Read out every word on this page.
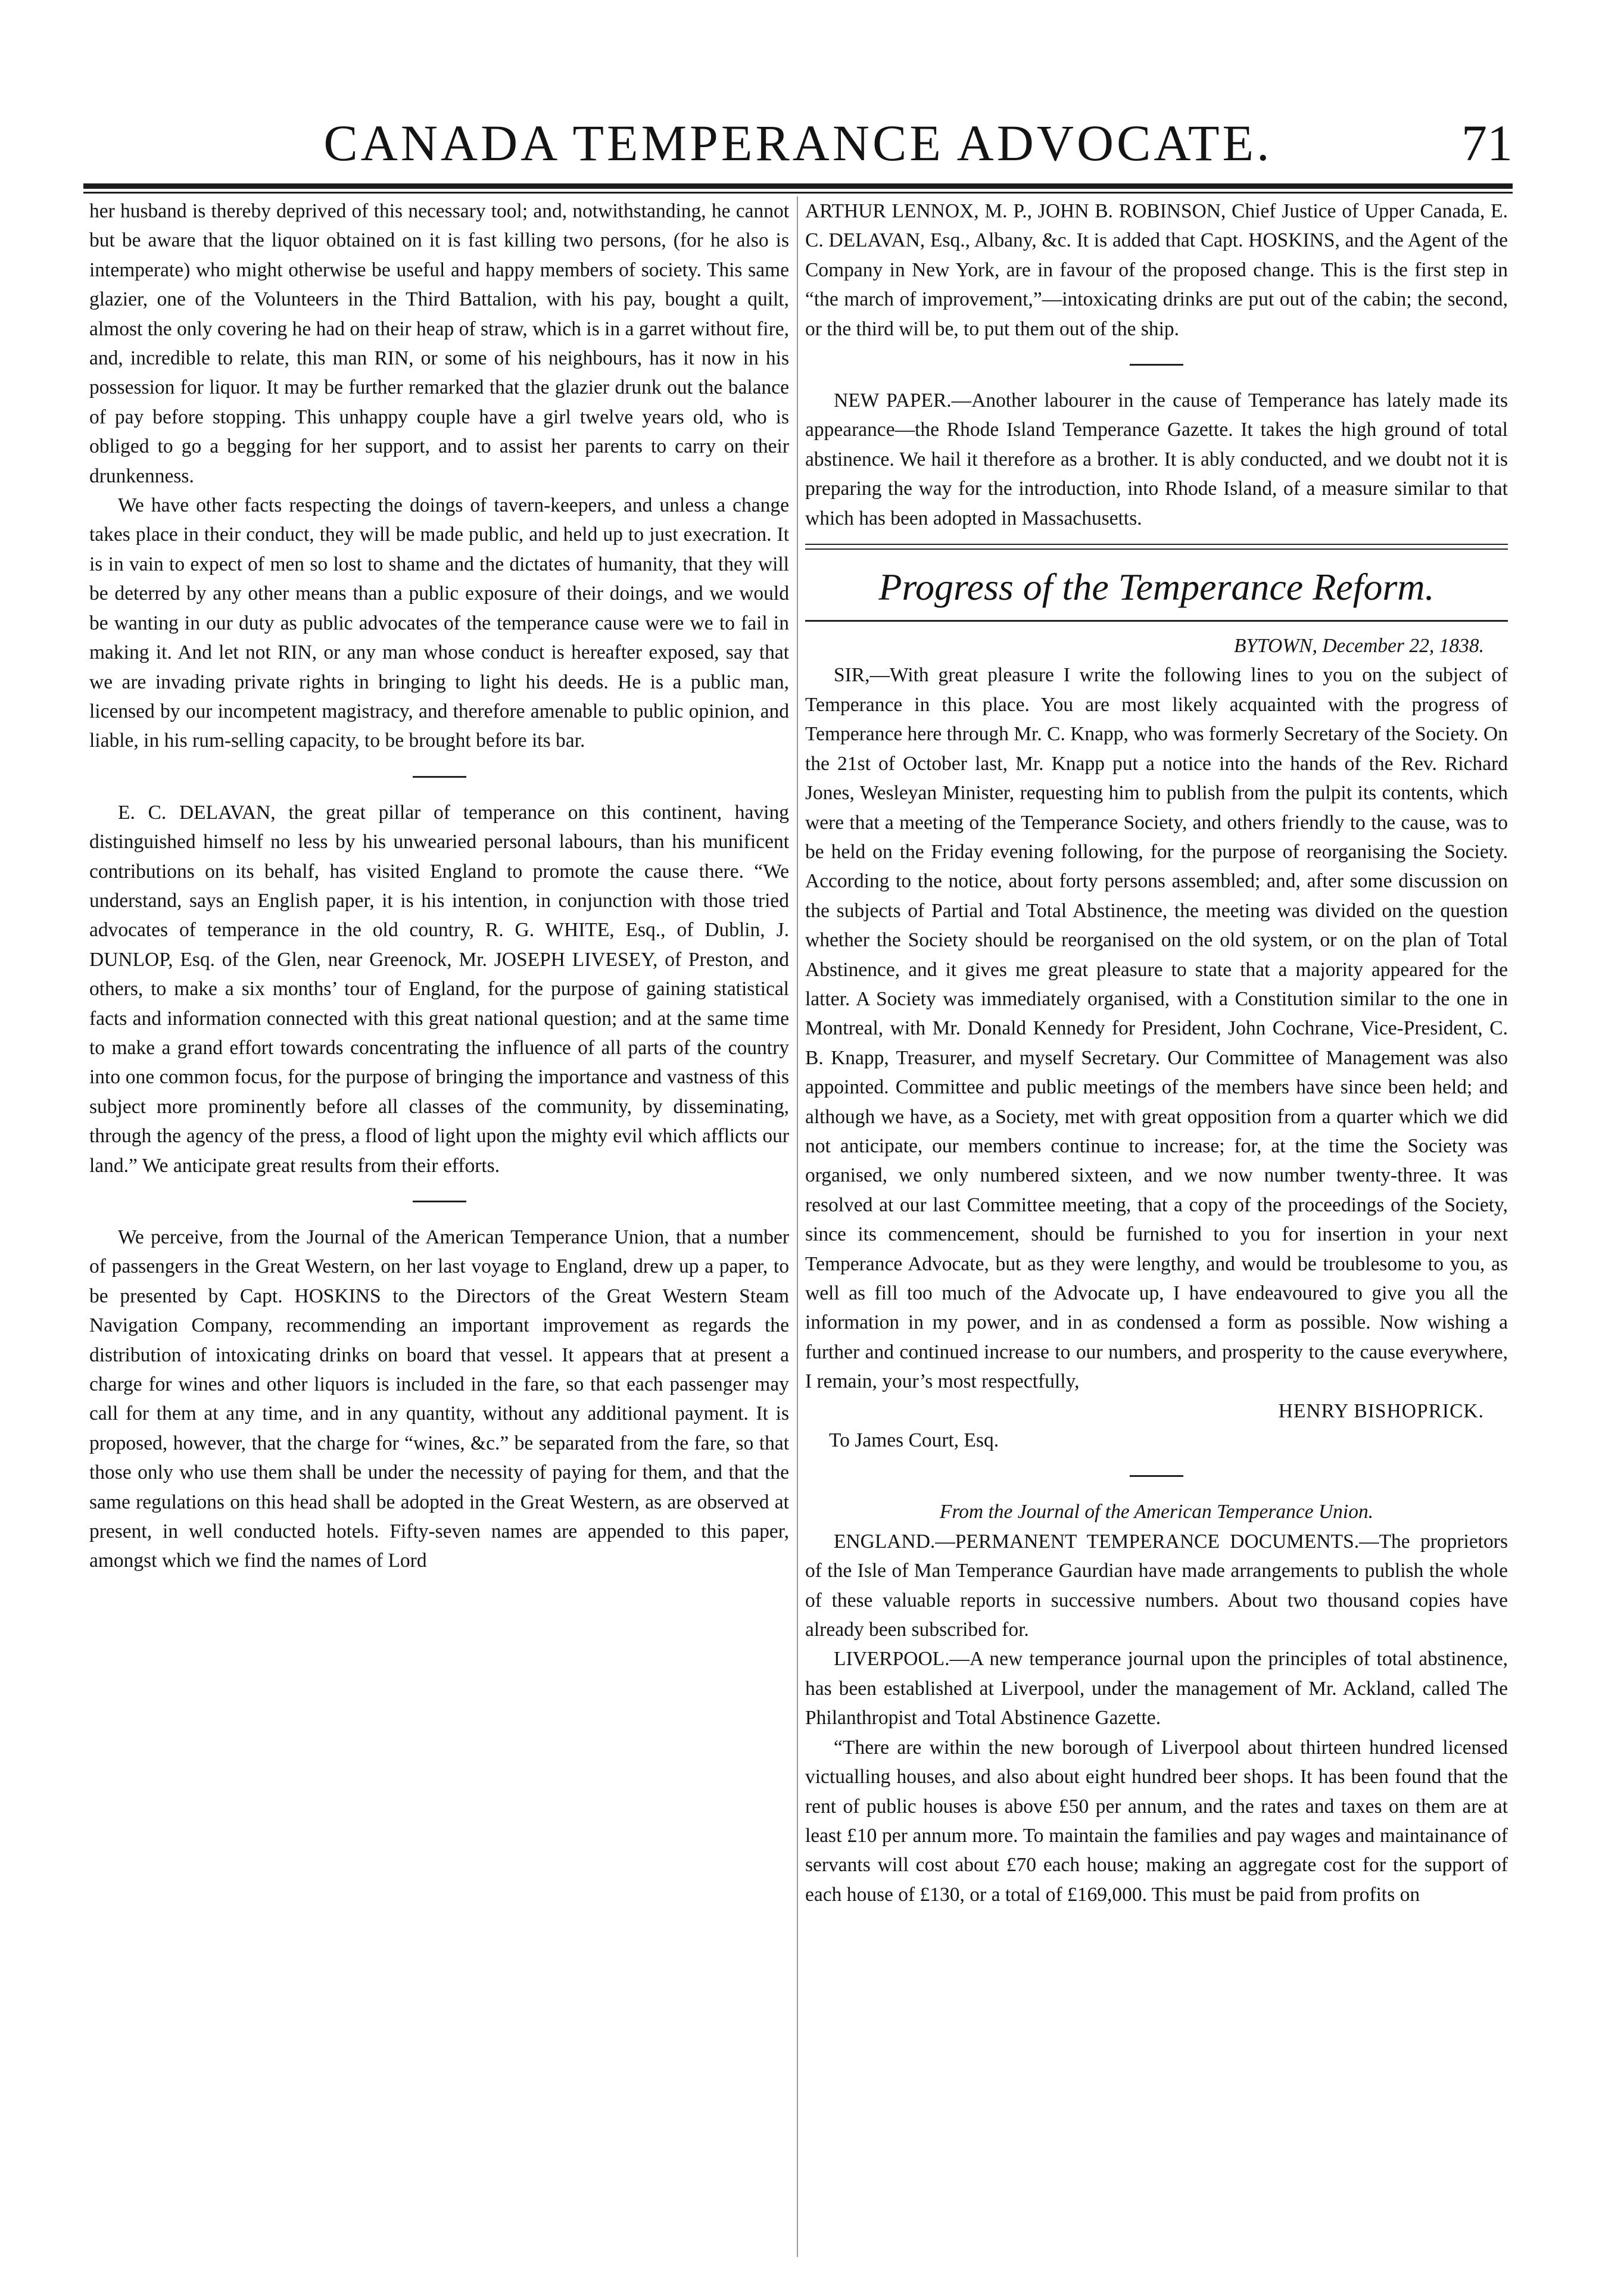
CANADA TEMPERANCE ADVOCATE.	71

her husband is thereby deprived of this necessary tool; and, notwithstanding, he cannot but be aware that the liquor obtained on it is fast killing two persons, (for he also is intemperate) who might otherwise be useful and happy members of society. This same glazier, one of the Volunteers in the Third Battalion, with his pay, bought a quilt, almost the only covering he had on their heap of straw, which is in a garret without fire, and, incredible to relate, this man RIN, or some of his neighbours, has it now in his possession for liquor. It may be further remarked that the glazier drunk out the balance of pay before stopping. This unhappy couple have a girl twelve years old, who is obliged to go a begging for her support, and to assist her parents to carry on their drunkenness.

We have other facts respecting the doings of tavern-keepers, and unless a change takes place in their conduct, they will be made public, and held up to just execration. It is in vain to expect of men so lost to shame and the dictates of humanity, that they will be deterred by any other means than a public exposure of their doings, and we would be wanting in our duty as public advocates of the temperance cause were we to fail in making it. And let not RIN, or any man whose conduct is hereafter exposed, say that we are invading private rights in bringing to light his deeds. He is a public man, licensed by our incompetent magistracy, and therefore amenable to public opinion, and liable, in his rum-selling capacity, to be brought before its bar.

E. C. DELAVAN, the great pillar of temperance on this continent, having distinguished himself no less by his unwearied personal labours, than his munificent contributions on its behalf, has visited England to promote the cause there. “We understand, says an English paper, it is his intention, in conjunction with those tried advocates of temperance in the old country, R. G. WHITE, Esq., of Dublin, J. DUNLOP, Esq. of the Glen, near Greenock, Mr. JOSEPH LIVESEY, of Preston, and others, to make a six months’ tour of England, for the purpose of gaining statistical facts and information connected with this great national question; and at the same time to make a grand effort towards concentrating the influence of all parts of the country into one common focus, for the purpose of bringing the importance and vastness of this subject more prominently before all classes of the community, by disseminating, through the agency of the press, a flood of light upon the mighty evil which afflicts our land.” We anticipate great results from their efforts.

We perceive, from the Journal of the American Temperance Union, that a number of passengers in the Great Western, on her last voyage to England, drew up a paper, to be presented by Capt. HOSKINS to the Directors of the Great Western Steam Navigation Company, recommending an important improvement as regards the distribution of intoxicating drinks on board that vessel. It appears that at present a charge for wines and other liquors is included in the fare, so that each passenger may call for them at any time, and in any quantity, without any additional payment. It is proposed, however, that the charge for “wines, &c.” be separated from the fare, so that those only who use them shall be under the necessity of paying for them, and that the same regulations on this head shall be adopted in the Great Western, as are observed at present, in well conducted hotels. Fifty-seven names are appended to this paper, amongst which we find the names of Lord

ARTHUR LENNOX, M. P., JOHN B. ROBINSON, Chief Justice of Upper Canada, E. C. DELAVAN, Esq., Albany, &c. It is added that Capt. HOSKINS, and the Agent of the Company in New York, are in favour of the proposed change. This is the first step in “the march of improvement,”—intoxicating drinks are put out of the cabin; the second, or the third will be, to put them out of the ship.

NEW PAPER.—Another labourer in the cause of Temperance has lately made its appearance—the Rhode Island Temperance Gazette. It takes the high ground of total abstinence. We hail it therefore as a brother. It is ably conducted, and we doubt not it is preparing the way for the introduction, into Rhode Island, of a measure similar to that which has been adopted in Massachusetts.

Progress of the Temperance Reform.

BYTOWN, December 22, 1838.

SIR,—With great pleasure I write the following lines to you on the subject of Temperance in this place. You are most likely acquainted with the progress of Temperance here through Mr. C. Knapp, who was formerly Secretary of the Society. On the 21st of October last, Mr. Knapp put a notice into the hands of the Rev. Richard Jones, Wesleyan Minister, requesting him to publish from the pulpit its contents, which were that a meeting of the Temperance Society, and others friendly to the cause, was to be held on the Friday evening following, for the purpose of reorganising the Society. According to the notice, about forty persons assembled; and, after some discussion on the subjects of Partial and Total Abstinence, the meeting was divided on the question whether the Society should be reorganised on the old system, or on the plan of Total Abstinence, and it gives me great pleasure to state that a majority appeared for the latter. A Society was immediately organised, with a Constitution similar to the one in Montreal, with Mr. Donald Kennedy for President, John Cochrane, Vice-President, C. B. Knapp, Treasurer, and myself Secretary. Our Committee of Management was also appointed. Committee and public meetings of the members have since been held; and although we have, as a Society, met with great opposition from a quarter which we did not anticipate, our members continue to increase; for, at the time the Society was organised, we only numbered sixteen, and we now number twenty-three. It was resolved at our last Committee meeting, that a copy of the proceedings of the Society, since its commencement, should be furnished to you for insertion in your next Temperance Advocate, but as they were lengthy, and would be troublesome to you, as well as fill too much of the Advocate up, I have endeavoured to give you all the information in my power, and in as condensed a form as possible. Now wishing a further and continued increase to our numbers, and prosperity to the cause everywhere, I remain, your’s most respectfully,

HENRY BISHOPRICK.

To James Court, Esq.

From the Journal of the American Temperance Union.

ENGLAND.—PERMANENT TEMPERANCE DOCUMENTS.—The proprietors of the Isle of Man Temperance Gaurdian have made arrangements to publish the whole of these valuable reports in successive numbers. About two thousand copies have already been subscribed for.

LIVERPOOL.—A new temperance journal upon the principles of total abstinence, has been established at Liverpool, under the management of Mr. Ackland, called The Philanthropist and Total Abstinence Gazette.

“There are within the new borough of Liverpool about thirteen hundred licensed victualling houses, and also about eight hundred beer shops. It has been found that the rent of public houses is above £50 per annum, and the rates and taxes on them are at least £10 per annum more. To maintain the families and pay wages and maintainance of servants will cost about £70 each house; making an aggregate cost for the support of each house of £130, or a total of £169,000. This must be paid from profits on
